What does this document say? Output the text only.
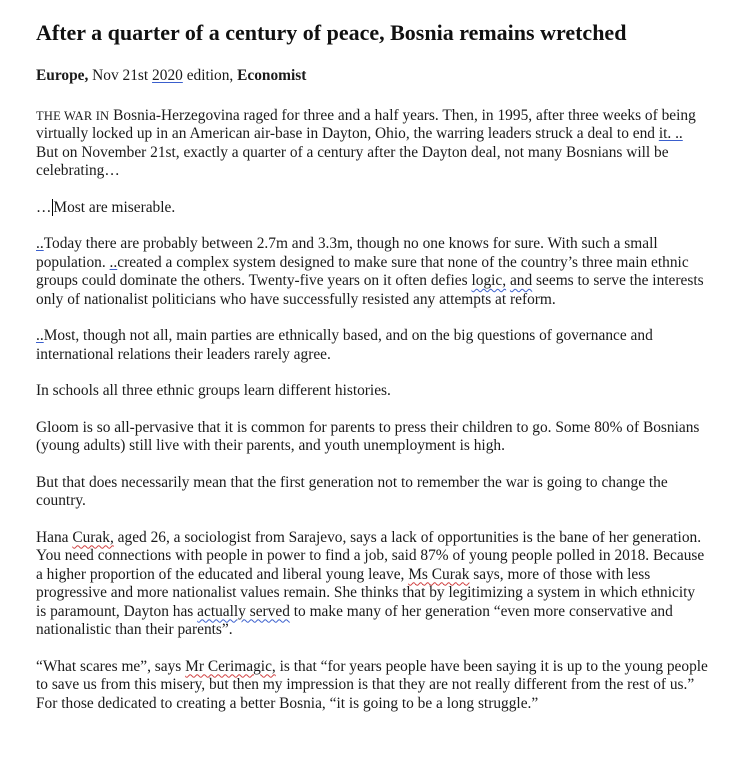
After a quarter of a century of peace, Bosnia remains wretched

Europe, Nov 21st 2020 edition, Economist

THE WAR IN Bosnia-Herzegovina raged for three and a half years. Then, in 1995, after three weeks of being virtually locked up in an American air-base in Dayton, Ohio, the warring leaders struck a deal to end it. .. But on November 21st, exactly a quarter of a century after the Dayton deal, not many Bosnians will be celebrating…

… Most are miserable.

..Today there are probably between 2.7m and 3.3m, though no one knows for sure. With such a small population. ..created a complex system designed to make sure that none of the country’s three main ethnic groups could dominate the others. Twenty-five years on it often defies logic, and seems to serve the interests only of nationalist politicians who have successfully resisted any attempts at reform.

..Most, though not all, main parties are ethnically based, and on the big questions of governance and international relations their leaders rarely agree.

In schools all three ethnic groups learn different histories.

Gloom is so all-pervasive that it is common for parents to press their children to go. Some 80% of Bosnians (young adults) still live with their parents, and youth unemployment is high.

But that does necessarily mean that the first generation not to remember the war is going to change the country.

Hana Curak, aged 26, a sociologist from Sarajevo, says a lack of opportunities is the bane of her generation. You need connections with people in power to find a job, said 87% of young people polled in 2018. Because a higher proportion of the educated and liberal young leave, Ms Curak says, more of those with less progressive and more nationalist values remain. She thinks that by legitimizing a system in which ethnicity is paramount, Dayton has actually served to make many of her generation “even more conservative and nationalistic than their parents”.

“What scares me”, says Mr Cerimagic, is that “for years people have been saying it is up to the young people to save us from this misery, but then my impression is that they are not really different from the rest of us.” For those dedicated to creating a better Bosnia, “it is going to be a long struggle.”
